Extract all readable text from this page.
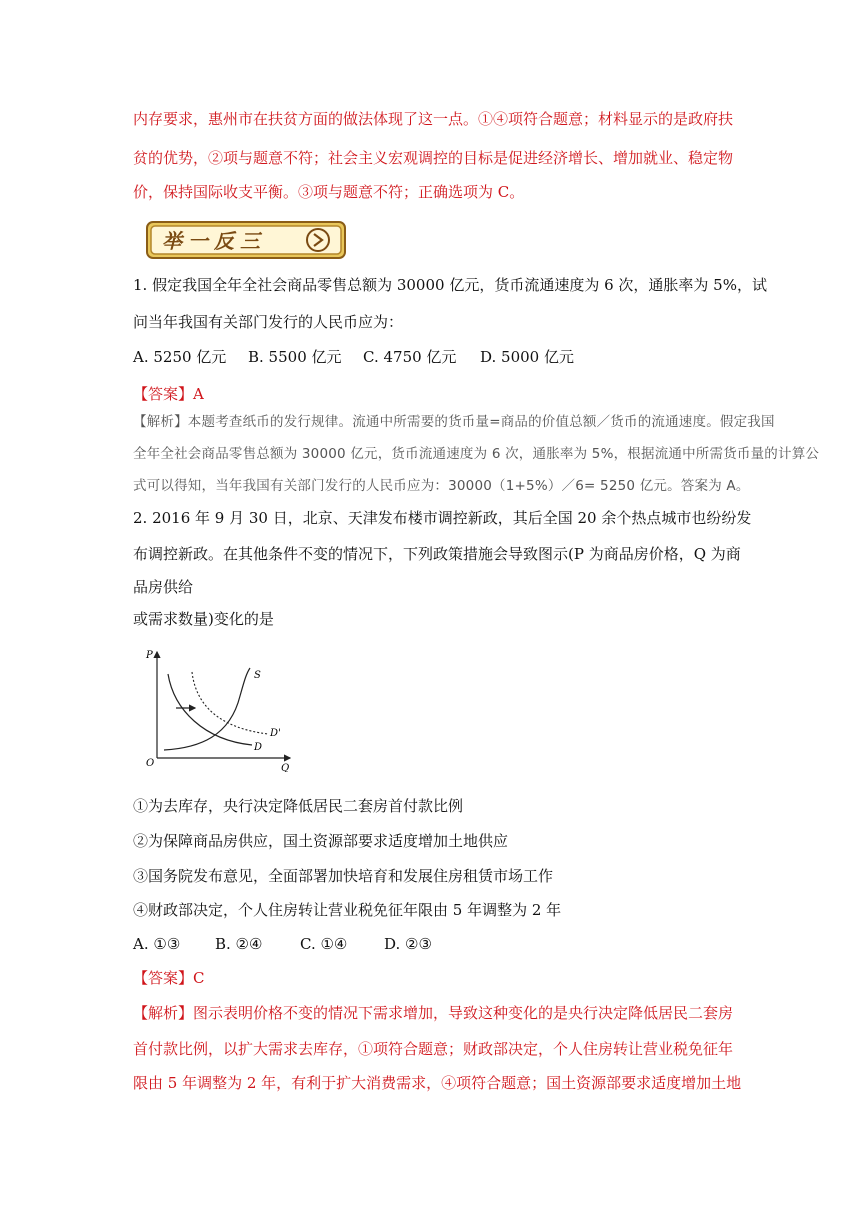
内存要求，惠州市在扶贫方面的做法体现了这一点。①④项符合题意；材料显示的是政府扶
贫的优势，②项与题意不符；社会主义宏观调控的目标是促进经济增长、增加就业、稳定物
价，保持国际收支平衡。③项与题意不符；正确选项为 C。
举一反三
1. 假定我国全年全社会商品零售总额为 30000 亿元，货币流通速度为 6 次，通胀率为 5%，试
问当年我国有关部门发行的人民币应为：
A. 5250 亿元 B. 5500 亿元 C. 4750 亿元 D. 5000 亿元
【答案】A
【解析】本题考查纸币的发行规律。流通中所需要的货币量=商品的价值总额／货币的流通速度。假定我国
全年全社会商品零售总额为 30000 亿元，货币流通速度为 6 次，通胀率为 5%，根据流通中所需货币量的计算公
式可以得知，当年我国有关部门发行的人民币应为：30000（1+5%）／6= 5250 亿元。答案为 A。
2. 2016 年 9 月 30 日，北京、天津发布楼市调控新政，其后全国 20 余个热点城市也纷纷发
布调控新政。在其他条件不变的情况下，下列政策措施会导致图示(P 为商品房价格，Q 为商
品房供给
或需求数量)变化的是
P
Q
O
S
D
D'
①为去库存，央行决定降低居民二套房首付款比例
②为保障商品房供应，国土资源部要求适度增加土地供应
③国务院发布意见，全面部署加快培育和发展住房租赁市场工作
④财政部决定，个人住房转让营业税免征年限由 5 年调整为 2 年
A. ①③ B. ②④	C. ①④ D. ②③
【答案】C
【解析】图示表明价格不变的情况下需求增加，导致这种变化的是央行决定降低居民二套房
首付款比例，以扩大需求去库存，①项符合题意；财政部决定，个人住房转让营业税免征年
限由 5 年调整为 2 年，有利于扩大消费需求，④项符合题意；国土资源部要求适度增加土地
